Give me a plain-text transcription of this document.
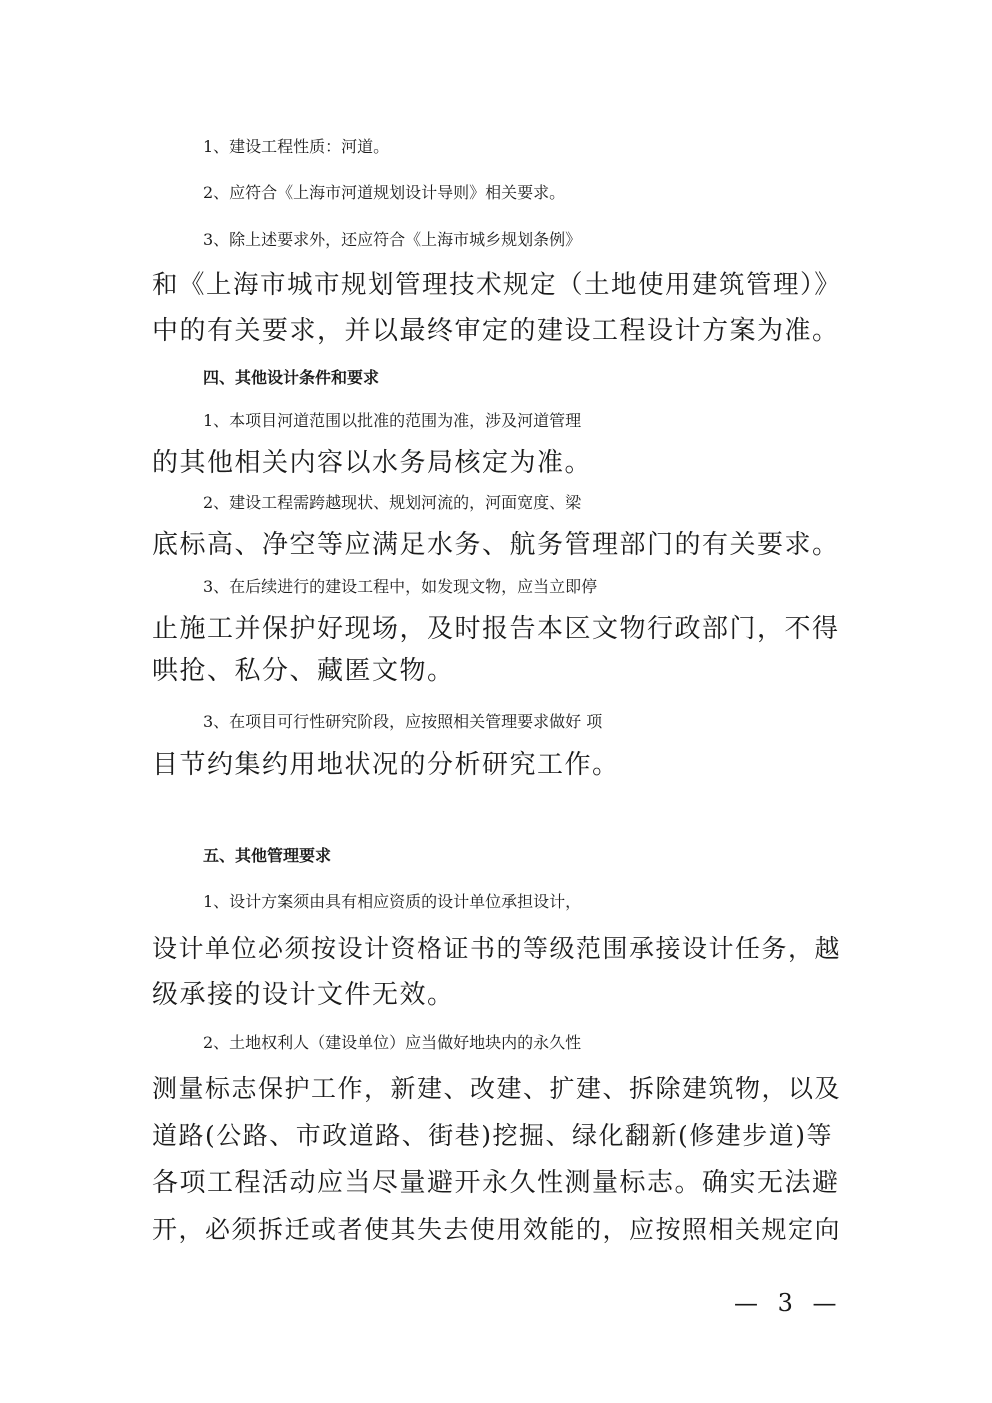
1、建设工程性质：河道。
2、应符合《上海市河道规划设计导则》相关要求。
3、除上述要求外，还应符合《上海市城乡规划条例》
和《上海市城市规划管理技术规定（土地使用建筑管理）》
中的有关要求，并以最终审定的建设工程设计方案为准。
四、其他设计条件和要求
1、本项目河道范围以批准的范围为准，涉及河道管理
的其他相关内容以水务局核定为准。
2、建设工程需跨越现状、规划河流的，河面宽度、梁
底标高、净空等应满足水务、航务管理部门的有关要求。
3、在后续进行的建设工程中，如发现文物，应当立即停
止施工并保护好现场，及时报告本区文物行政部门，不得
哄抢、私分、藏匿文物。
3、在项目可行性研究阶段，应按照相关管理要求做好 项
目节约集约用地状况的分析研究工作。
五、其他管理要求
1、设计方案须由具有相应资质的设计单位承担设计，
设计单位必须按设计资格证书的等级范围承接设计任务，越
级承接的设计文件无效。
2、土地权利人（建设单位）应当做好地块内的永久性
测量标志保护工作，新建、改建、扩建、拆除建筑物，以及
道路(公路、市政道路、街巷)挖掘、绿化翻新(修建步道)等
各项工程活动应当尽量避开永久性测量标志。确实无法避
开，必须拆迁或者使其失去使用效能的，应按照相关规定向
— 3 —
